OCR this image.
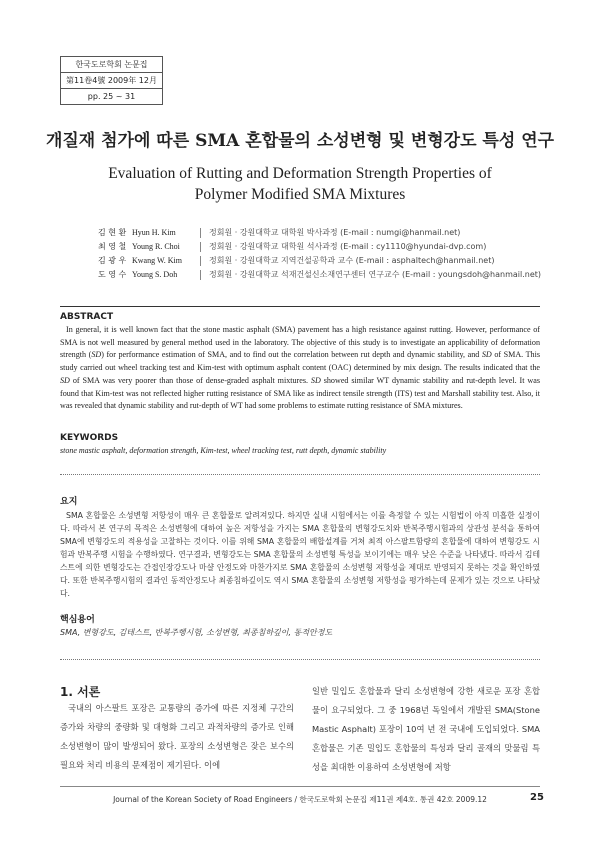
한국도로학회 논문집
第11卷4號 2009年 12月
pp. 25 ~ 31
개질재 첨가에 따른 SMA 혼합물의 소성변형 및 변형강도 특성 연구
Evaluation of Rutting and Deformation Strength Properties of
Polymer Modified SMA Mixtures
김 현 환 Hyun H. Kim	정회원 · 강원대학교 대학원 박사과정 (E-mail : numgi@hanmail.net)
최 영 철 Young R. Choi	정회원 · 강원대학교 대학원 석사과정 (E-mail : cy1110@hyundai-dvp.com)
김 광 우 Kwang W. Kim	정회원 · 강원대학교 지역건설공학과 교수 (E-mail : asphaltech@hanmail.net)
도 영 수 Young S. Doh	정회원 · 강원대학교 석재건설신소재연구센터 연구교수 (E-mail : youngsdoh@hanmail.net)
ABSTRACT
In general, it is well known fact that the stone mastic asphalt (SMA) pavement has a high resistance against rutting. However, performance of SMA is not well measured by general method used in the laboratory. The objective of this study is to investigate an applicability of deformation strength (SD) for performance estimation of SMA, and to find out the correlation between rut depth and dynamic stability, and SD of SMA. This study carried out wheel tracking test and Kim-test with optimum asphalt content (OAC) determined by mix design. The results indicated that the SD of SMA was very poorer than those of dense-graded asphalt mixtures. SD showed similar WT dynamic stability and rut-depth level. It was found that Kim-test was not reflected higher rutting resistance of SMA like as indirect tensile strength (ITS) test and Marshall stability test. Also, it was revealed that dynamic stability and rut-depth of WT had some problems to estimate rutting resistance of SMA mixtures.
KEYWORDS
stone mastic asphalt, deformation strength, Kim-test, wheel tracking test, rutt depth, dynamic stability
요지
SMA 혼합물은 소성변형 저항성이 매우 큰 혼합물로 알려져있다. 하지만 실내 시험에서는 이를 측정할 수 있는 시험법이 아직 미흡한 실정이다. 따라서 본 연구의 목적은 소성변형에 대하여 높은 저항성을 가지는 SMA 혼합물의 변형강도치와 반복주행시험과의 상관성 분석을 통하여 SMA에 변형강도의 적용성을 고찰하는 것이다. 이를 위해 SMA 혼합물의 배합설계를 거쳐 최적 아스팔트함량의 혼합물에 대하여 변형강도 시험과 반복주행 시험을 수행하였다. 연구결과, 변형강도는 SMA 혼합물의 소성변형 특성을 보이기에는 매우 낮은 수준을 나타냈다. 따라서 김테스트에 의한 변형강도는 간접인장강도나 마샬 안정도와 마찬가지로 SMA 혼합물의 소성변형 저항성을 제대로 반영되지 못하는 것을 확인하였다. 또한 반복주행시험의 결과인 동적안정도나 최종침하깊이도 역시 SMA 혼합물의 소성변형 저항성을 평가하는데 문제가 있는 것으로 나타났다.
핵심용어
SMA, 변형강도, 김테스트, 반복주행시험, 소성변형, 최종침하깊이, 동적안정도
1. 서론
국내의 아스팔트 포장은 교통량의 증가에 따른 지정체 구간의 증가와 차량의 중량화 및 대형화 그리고 과적차량의 증가로 인해 소성변형이 많이 발생되어 왔다. 포장의 소성변형은 잦은 보수의 필요와 처리 비용의 문제점이 제기된다. 이에
일반 밀입도 혼합물과 달리 소성변형에 강한 새로운 포장 혼합물이 요구되었다. 그 중 1968년 독일에서 개발된 SMA(Stone Mastic Asphalt) 포장이 10여 년 전 국내에 도입되었다. SMA 혼합물은 기존 밀입도 혼합물의 특성과 달리 골재의 맞물림 특성을 최대한 이용하여 소성변형에 저항
Journal of the Korean Society of Road Engineers / 한국도로학회 논문집 제11권 제4호. 통권 42호 2009.12	25
